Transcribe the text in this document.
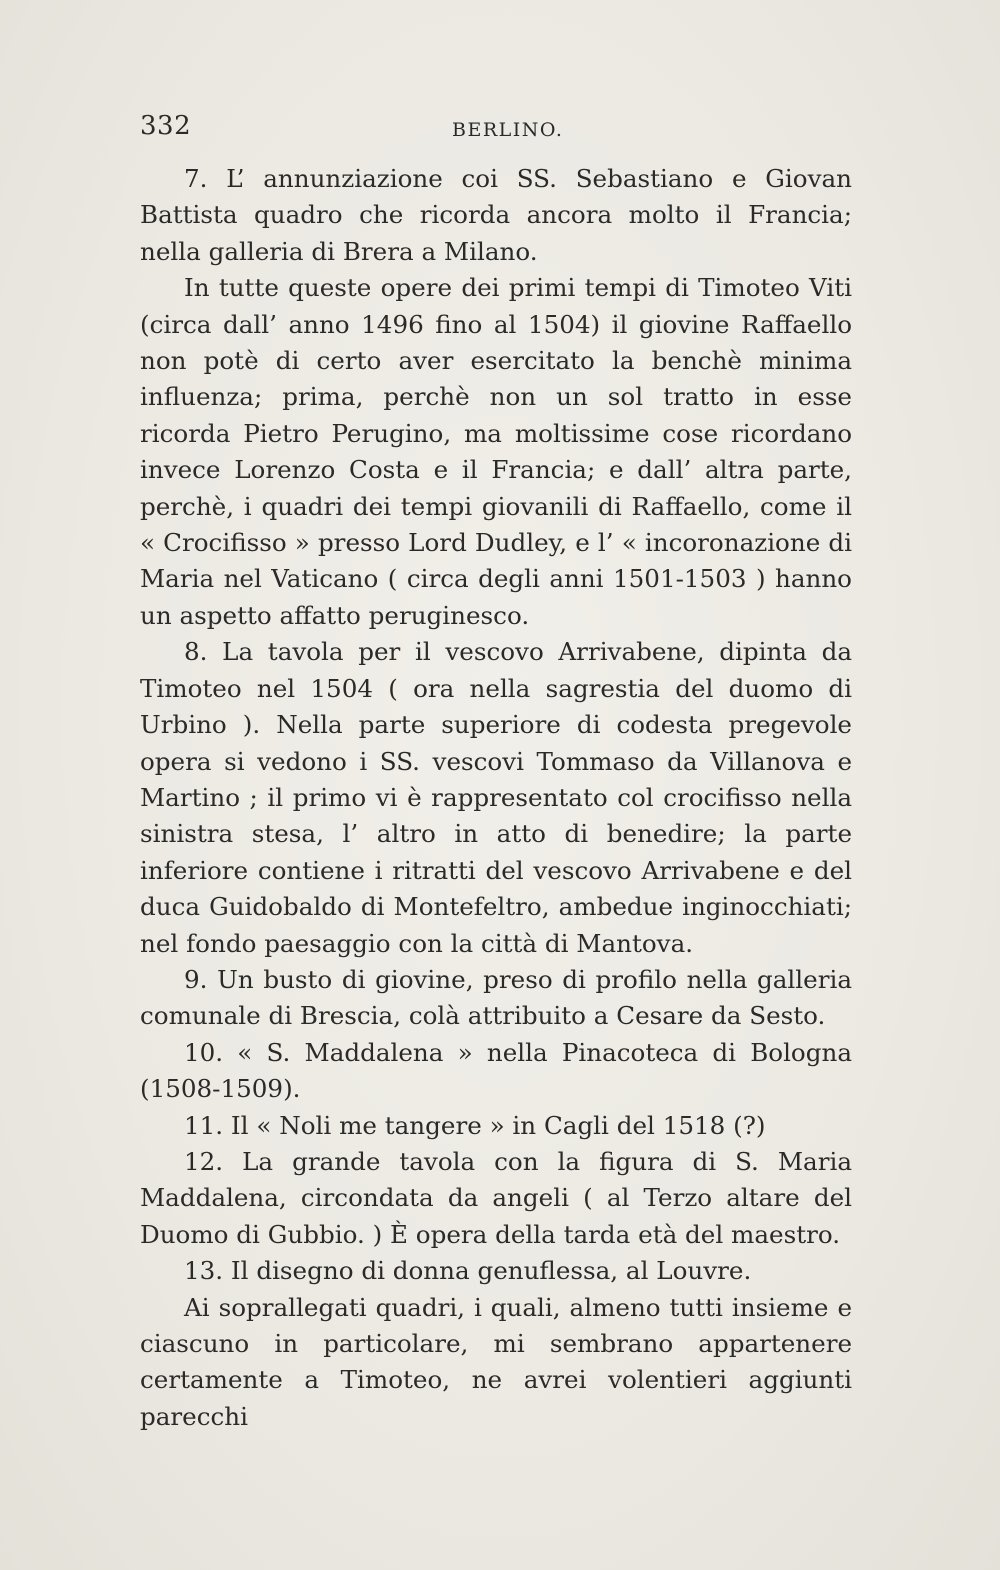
332	BERLINO.

7. L’ annunziazione coi SS. Sebastiano e Giovan Battista quadro che ricorda ancora molto il Francia; nella galleria di Brera a Milano.

In tutte queste opere dei primi tempi di Timoteo Viti (circa dall’ anno 1496 fino al 1504) il giovine Raffaello non potè di certo aver esercitato la benchè minima influenza; prima, perchè non un sol tratto in esse ricorda Pietro Perugino, ma moltissime cose ricordano invece Lorenzo Costa e il Francia; e dall’ altra parte, perchè, i quadri dei tempi giovanili di Raffaello, come il « Crocifisso » presso Lord Dudley, e l’ « incoronazione di Maria nel Vaticano ( circa degli anni 1501-1503 ) hanno un aspetto affatto peruginesco.

8. La tavola per il vescovo Arrivabene, dipinta da Timoteo nel 1504 ( ora nella sagrestia del duomo di Urbino ). Nella parte superiore di codesta pregevole opera si vedono i SS. vescovi Tommaso da Villanova e Martino ; il primo vi è rappresentato col crocifisso nella sinistra stesa, l’ altro in atto di benedire; la parte inferiore contiene i ritratti del vescovo Arrivabene e del duca Guidobaldo di Montefeltro, ambedue inginocchiati; nel fondo paesaggio con la città di Mantova.

9. Un busto di giovine, preso di profilo nella galleria comunale di Brescia, colà attribuito a Cesare da Sesto.

10. « S. Maddalena » nella Pinacoteca di Bologna (1508-1509).

11. Il « Noli me tangere » in Cagli del 1518 (?)

12. La grande tavola con la figura di S. Maria Maddalena, circondata da angeli ( al Terzo altare del Duomo di Gubbio. ) È opera della tarda età del maestro.

13. Il disegno di donna genuflessa, al Louvre.

Ai soprallegati quadri, i quali, almeno tutti insieme e ciascuno in particolare, mi sembrano appartenere certamente a Timoteo, ne avrei volentieri aggiunti parecchi
